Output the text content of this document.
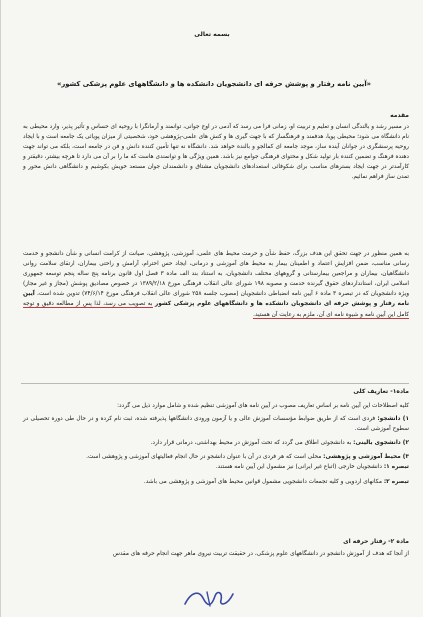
بسمه تعالی

«آیین نامه رفتار و پوشش حرفه ای دانشجویان دانشکده ها و دانشگاههای علوم پزشکی کشور»

مقدمه

در مسیر رشد و بالندگی انسان و تعلیم و تربیت او، زمانی فرا می رسد که آدمی در اوج جوانی، توانمند و آرمانگرا با روحیه ای حساس و تأثیر پذیر، وارد محیطی به نام دانشگاه می شود؛ محیطی پویا، هدفمند و فرهنگساز که با جهت گیری ها و کنش های علمی-پژوهشی خود، شخصیتی از میزان پویائی یک جامعه است و با ایجاد روحیه پرسشگری در جوانان آینده ساز، موجد جامعه ای کمالجو و بالنده خواهد شد. دانشگاه نه تنها تأمین کننده دانش و فن در جامعه است، بلکه می تواند جهت دهنده فرهنگ و تضمین کننده بار تولید شکل و محتوای فرهنگی جوامع نیز باشد. همین ویژگی ها و توانمندی هاست که ما را بر آن می دارد تا هرچه بیشتر، دقیقتر و کارآمدتر در جهت ایجاد بسترهای مناسب برای شکوفائی استعدادهای دانشجویان مشتاق و دانشمندان جوان مستعد خویش بکوشیم و دانشگاهی دانش محور و تمدن ساز فراهم نمائیم.

به همین منظور در جهت تحقق این هدف بزرگ، حفظ شأن و حرمت محیط های علمی، آموزشی، پژوهشی، صیانت از کرامت انسانی و شأن دانشجو و خدمت رسانی مناسب، ضمن افزایش اعتماد و اطمینان بیمار به محیط های آموزشی و درمانی، ایجاد حس احترام، آرامش و راحتی بیماران، ارتقای سلامت روانی دانشگاهیان، بیماران و مراجعین بیمارستانی و گروههای مختلف دانشجویان، به استناد بند الف ماده ۳ فصل اول قانون برنامه پنج ساله پنجم توسعه جمهوری اسلامی ایران، استانداردهای حقوق گیرنده خدمت و مصوبه ۱۹۸ شورای عالی انقلاب فرهنگی مورخ ۱۳۸۹/۲/۱۸ در خصوص مصادیق پوشش (مجاز و غیر مجاز) ویژه دانشجویان که در تبصره ۳ ماده ۶ آیین نامه انضباطی دانشجویان (مصوب جلسه ۲۵۸ شورای عالی انقلاب فرهنگی مورخ ۷۴/۶/۱۴) تدوین شده است، آیین نامه رفتار و پوشش حرفه ای دانشجویان دانشکده ها و دانشگاههای علوم پزشکی کشور به تصویب می رسد، لذا پس از مطالعه دقیق و توجه کامل این آیین نامه و شیوه نامه ای آن، ملزم به رعایت آن هستید.

ماده۱- تعاریف کلی

کلیه اصطلاحات این آیین نامه بر اساس تعاریف مصوب در آیین نامه های آموزشی تنظیم شده و شامل موارد ذیل می گردد:

۱) دانشجو: فردی است که از طریق ضوابط مؤسسات آموزش عالی و یا آزمون ورودی دانشگاهها پذیرفته شده، ثبت نام کرده و در حال طی دوره تحصیلی در سطوح آموزشی است.

۲) دانشجوی بالینی: به دانشجوئی اطلاق می گردد که تحت آموزش در محیط بهداشتی، درمانی قرار دارد.

۳) محیط آموزشی و پژوهشی: محلی است که هر فردی در آن با عنوان دانشجو در حال انجام فعالیتهای آموزشی و پژوهشی است.

تبصره ۱: دانشجویان خارجی (اتباع غیر ایرانی) نیز مشمول این آیین نامه هستند.

تبصره ۲: مکانهای اردویی و کلیه تجمعات دانشجویی مشمول قوانین محیط های آموزشی و پژوهشی می باشد.

ماده ۲- رفتار حرفه ای

از آنجا که هدف از آموزش دانشجو در دانشگاههای علوم پزشکی، در حقیقت تربیت نیروی ماهر جهت انجام حرفه های مقدس
